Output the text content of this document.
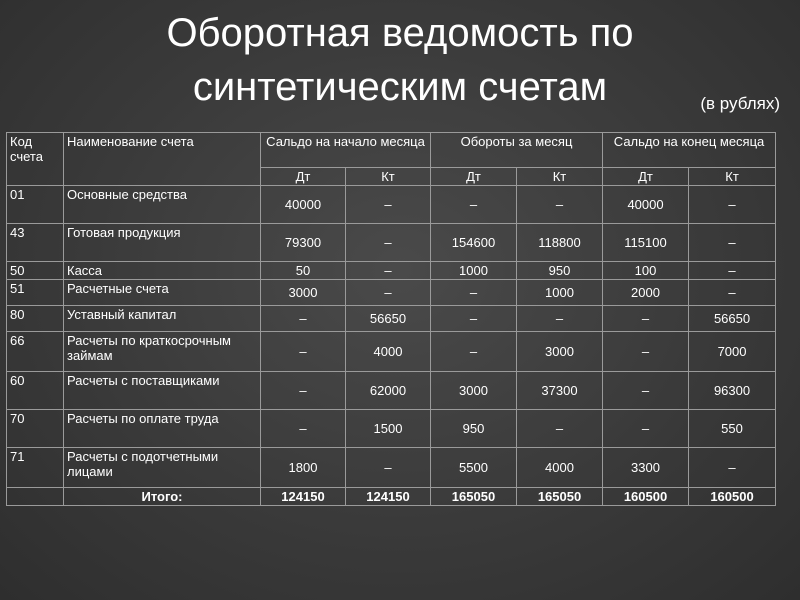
Оборотная ведомость по
синтетическим счетам	(в рублях)
Код счета	Наименование счета	Сальдо на начало месяца		Обороты за месяц		Сальдо на конец месяца	
		Дт	Кт	Дт	Кт	Дт	Кт
01	Основные средства	40000	–	–	–	40000	–
43	Готовая продукция	79300	–	154600	118800	115100	–
50	Касса	50	–	1000	950	100	–
51	Расчетные счета	3000	–	–	1000	2000	–
80	Уставный капитал	–	56650	–	–	–	56650
66	Расчеты по краткосрочным займам	–	4000	–	3000	–	7000
60	Расчеты с поставщиками	–	62000	3000	37300	–	96300
70	Расчеты по оплате труда	–	1500	950	–	–	550
71	Расчеты с подотчетными лицами	1800	–	5500	4000	3300	–
	Итого:	124150	124150	165050	165050	160500	160500
